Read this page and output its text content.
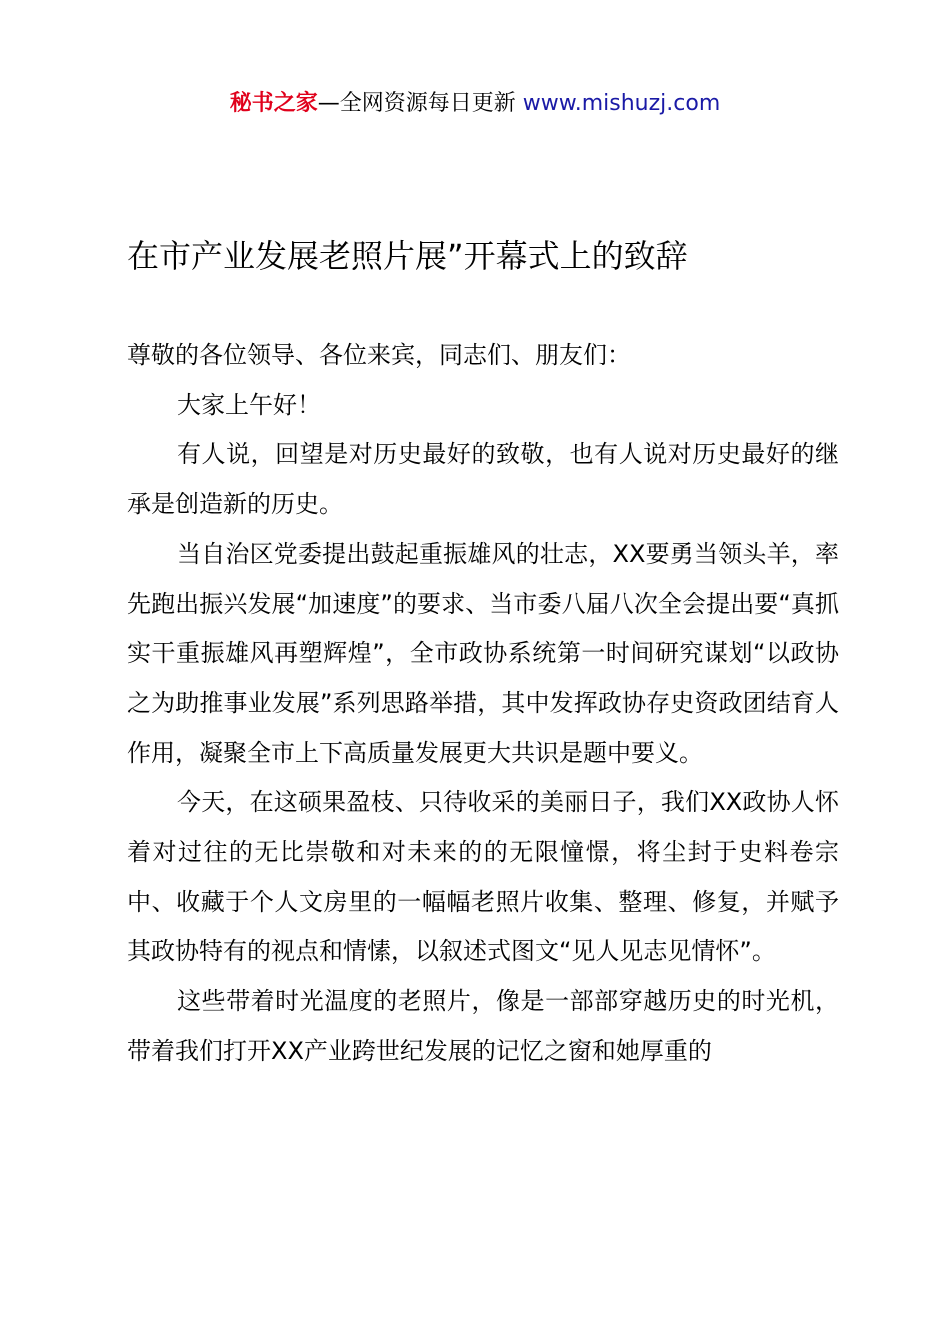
秘书之家—全网资源每日更新 www.mishuzj.com
在市产业发展老照片展”开幕式上的致辞

尊敬的各位领导、各位来宾，同志们、朋友们：

大家上午好！

有人说，回望是对历史最好的致敬，也有人说对历史最好的继承是创造新的历史。

当自治区党委提出鼓起重振雄风的壮志，XX要勇当领头羊，率先跑出振兴发展“加速度”的要求、当市委八届八次全会提出要“真抓实干重振雄风再塑辉煌”，全市政协系统第一时间研究谋划“以政协之为助推事业发展”系列思路举措，其中发挥政协存史资政团结育人作用，凝聚全市上下高质量发展更大共识是题中要义。

今天，在这硕果盈枝、只待收采的美丽日子，我们XX政协人怀着对过往的无比崇敬和对未来的的无限憧憬，将尘封于史料卷宗中、收藏于个人文房里的一幅幅老照片收集、整理、修复，并赋予其政协特有的视点和情愫，以叙述式图文“见人见志见情怀”。

这些带着时光温度的老照片，像是一部部穿越历史的时光机，带着我们打开XX产业跨世纪发展的记忆之窗和她厚重的
